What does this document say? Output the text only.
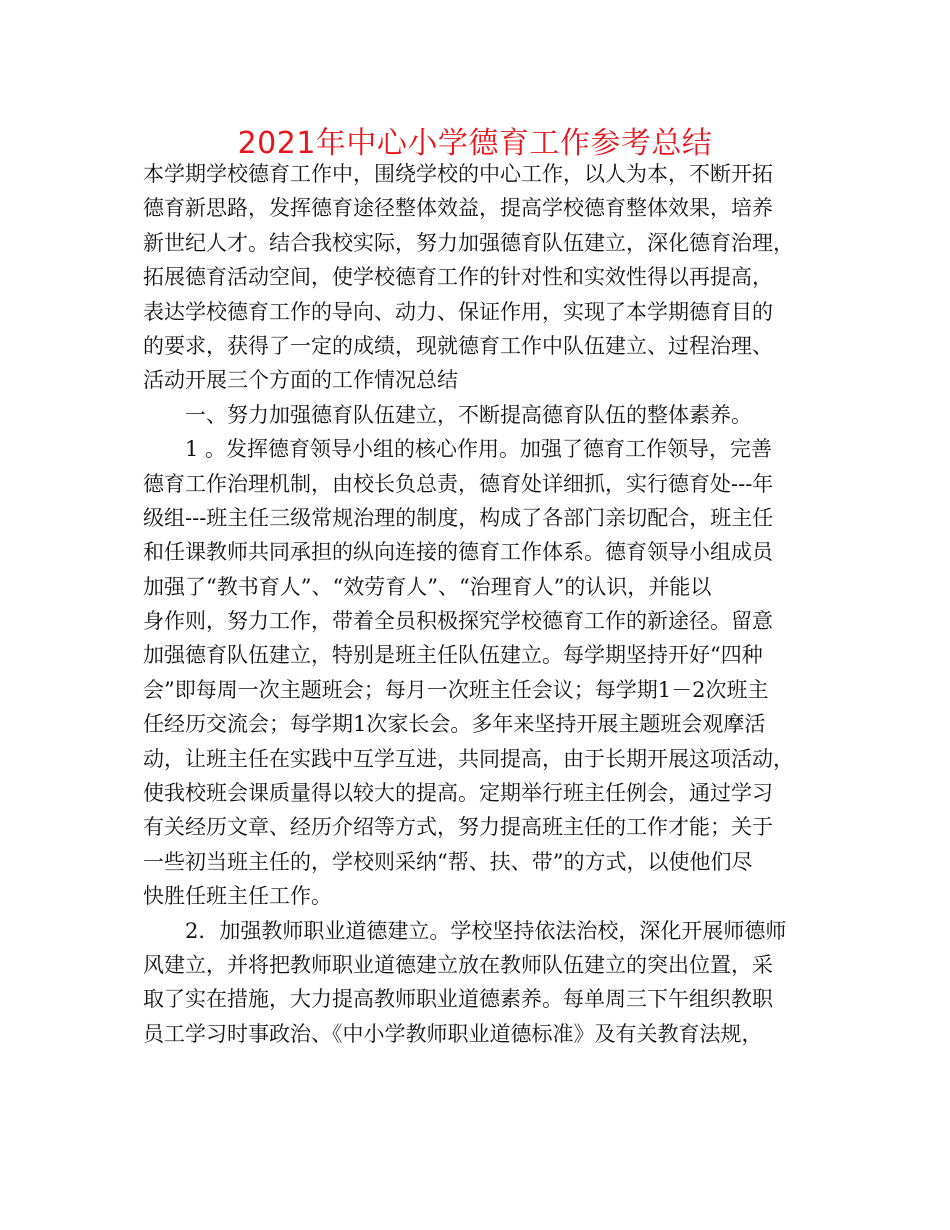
2021年中心小学德育工作参考总结
本学期学校德育工作中，围绕学校的中心工作，以人为本，不断开拓
德育新思路，发挥德育途径整体效益，提高学校德育整体效果，培养
新世纪人才。结合我校实际，努力加强德育队伍建立，深化德育治理，
拓展德育活动空间，使学校德育工作的针对性和实效性得以再提高，
表达学校德育工作的导向、动力、保证作用，实现了本学期德育目的
的要求，获得了一定的成绩，现就德育工作中队伍建立、过程治理、
活动开展三个方面的工作情况总结
一、努力加强德育队伍建立，不断提高德育队伍的整体素养。
1 。发挥德育领导小组的核心作用。加强了德育工作领导，完善
德育工作治理机制，由校长负总责，德育处详细抓，实行德育处---年
级组---班主任三级常规治理的制度，构成了各部门亲切配合，班主任
和任课教师共同承担的纵向连接的德育工作体系。德育领导小组成员
加强了“教书育人”、“效劳育人”、“治理育人”的认识，并能以
身作则，努力工作，带着全员积极探究学校德育工作的新途径。留意
加强德育队伍建立，特别是班主任队伍建立。每学期坚持开好“四种
会”即每周一次主题班会；每月一次班主任会议；每学期1－2次班主
任经历交流会；每学期1次家长会。多年来坚持开展主题班会观摩活
动，让班主任在实践中互学互进，共同提高，由于长期开展这项活动，
使我校班会课质量得以较大的提高。定期举行班主任例会，通过学习
有关经历文章、经历介绍等方式，努力提高班主任的工作才能；关于
一些初当班主任的，学校则采纳“帮、扶、带”的方式，以使他们尽
快胜任班主任工作。
2．加强教师职业道德建立。学校坚持依法治校，深化开展师德师
风建立，并将把教师职业道德建立放在教师队伍建立的突出位置，采
取了实在措施，大力提高教师职业道德素养。每单周三下午组织教职
员工学习时事政治、《中小学教师职业道德标准》及有关教育法规，
